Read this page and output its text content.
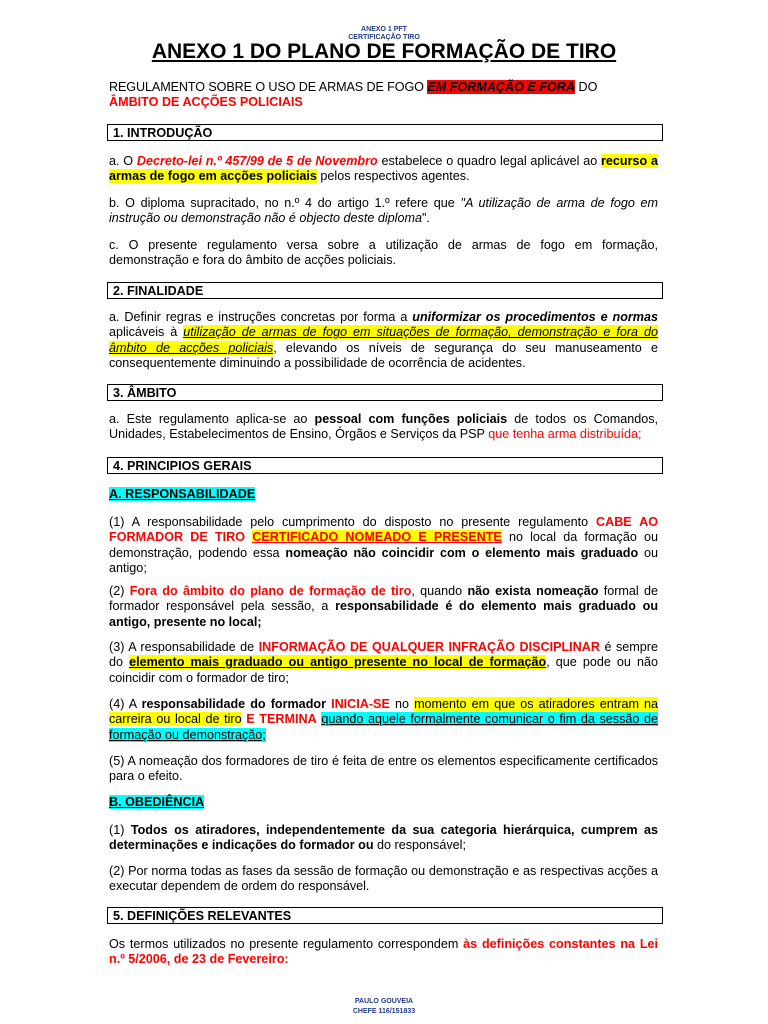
ANEXO 1 PFT
CERTIFICAÇÃO TIRO
ANEXO 1 DO PLANO DE FORMAÇÃO DE TIRO

REGULAMENTO SOBRE O USO DE ARMAS DE FOGO EM FORMAÇÃO E FORA DO
ÂMBITO DE ACÇÕES POLICIAIS

1. INTRODUÇÃO

a. O Decreto-lei n.º 457/99 de 5 de Novembro estabelece o quadro legal aplicável ao recurso a armas de fogo em acções policiais pelos respectivos agentes.

b. O diploma supracitado, no n.º 4 do artigo 1.º refere que "A utilização de arma de fogo em instrução ou demonstração não é objecto deste diploma".

c. O presente regulamento versa sobre a utilização de armas de fogo em formação, demonstração e fora do âmbito de acções policiais.

2. FINALIDADE

a. Definir regras e instruções concretas por forma a uniformizar os procedimentos e normas aplicáveis à utilização de armas de fogo em situações de formação, demonstração e fora do âmbito de acções policiais, elevando os níveis de segurança do seu manuseamento e consequentemente diminuindo a possibilidade de ocorrência de acidentes.

3. ÂMBITO

a. Este regulamento aplica-se ao pessoal com funções policiais de todos os Comandos, Unidades, Estabelecimentos de Ensino, Órgãos e Serviços da PSP que tenha arma distribuída;

4. PRINCIPIOS GERAIS
A. RESPONSABILIDADE

(1) A responsabilidade pelo cumprimento do disposto no presente regulamento CABE AO FORMADOR DE TIRO CERTIFICADO NOMEADO E PRESENTE no local da formação ou demonstração, podendo essa nomeação não coincidir com o elemento mais graduado ou antigo;

(2) Fora do âmbito do plano de formação de tiro, quando não exista nomeação formal de formador responsável pela sessão, a responsabilidade é do elemento mais graduado ou antigo, presente no local;

(3) A responsabilidade de INFORMAÇÃO DE QUALQUER INFRAÇÃO DISCIPLINAR é sempre do elemento mais graduado ou antigo presente no local de formação, que pode ou não coincidir com o formador de tiro;

(4) A responsabilidade do formador INICIA-SE no momento em que os atiradores entram na carreira ou local de tiro E TERMINA quando aquele formalmente comunicar o fim da sessão de formação ou demonstração;

(5) A nomeação dos formadores de tiro é feita de entre os elementos especificamente certificados para o efeito.

B. OBEDIÊNCIA

(1) Todos os atiradores, independentemente da sua categoria hierárquica, cumprem as determinações e indicações do formador ou do responsável;

(2) Por norma todas as fases da sessão de formação ou demonstração e as respectivas acções a executar dependem de ordem do responsável.

5. DEFINIÇÕES RELEVANTES

Os termos utilizados no presente regulamento correspondem às definições constantes na Lei n.º 5/2006, de 23 de Fevereiro:

PAULO GOUVEIA
CHEFE 116/151833
